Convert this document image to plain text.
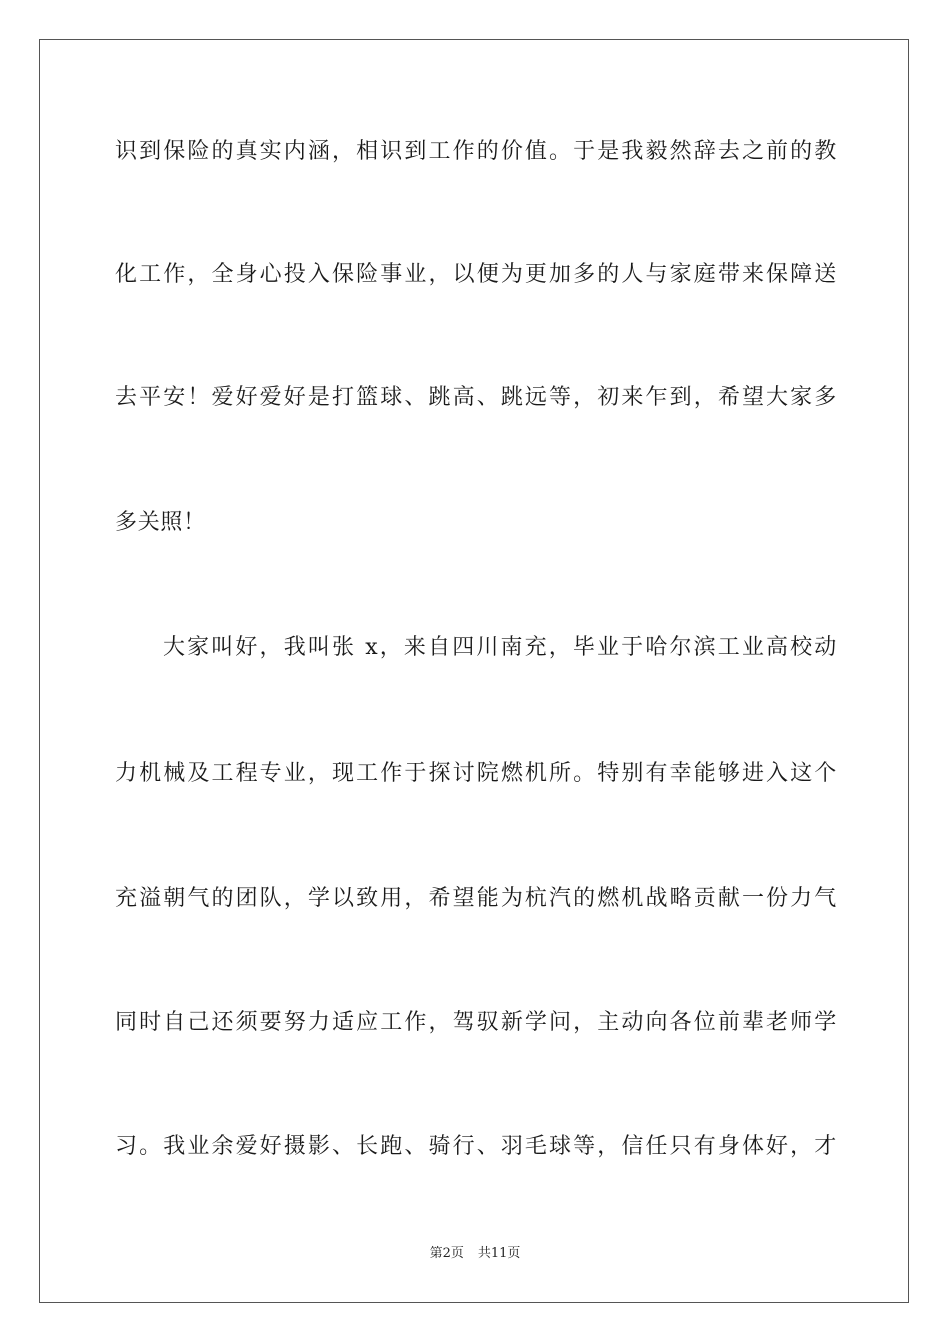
识到保险的真实内涵，相识到工作的价值。于是我毅然辞去之前的教
化工作，全身心投入保险事业，以便为更加多的人与家庭带来保障送
去平安！爱好爱好是打篮球、跳高、跳远等，初来乍到，希望大家多
多关照！
大家叫好，我叫张 x，来自四川南充，毕业于哈尔滨工业高校动
力机械及工程专业，现工作于探讨院燃机所。特别有幸能够进入这个
充溢朝气的团队，学以致用，希望能为杭汽的燃机战略贡献一份力气
同时自己还须要努力适应工作，驾驭新学问，主动向各位前辈老师学
习。我业余爱好摄影、长跑、骑行、羽毛球等，信任只有身体好，才
第2页 共11页
